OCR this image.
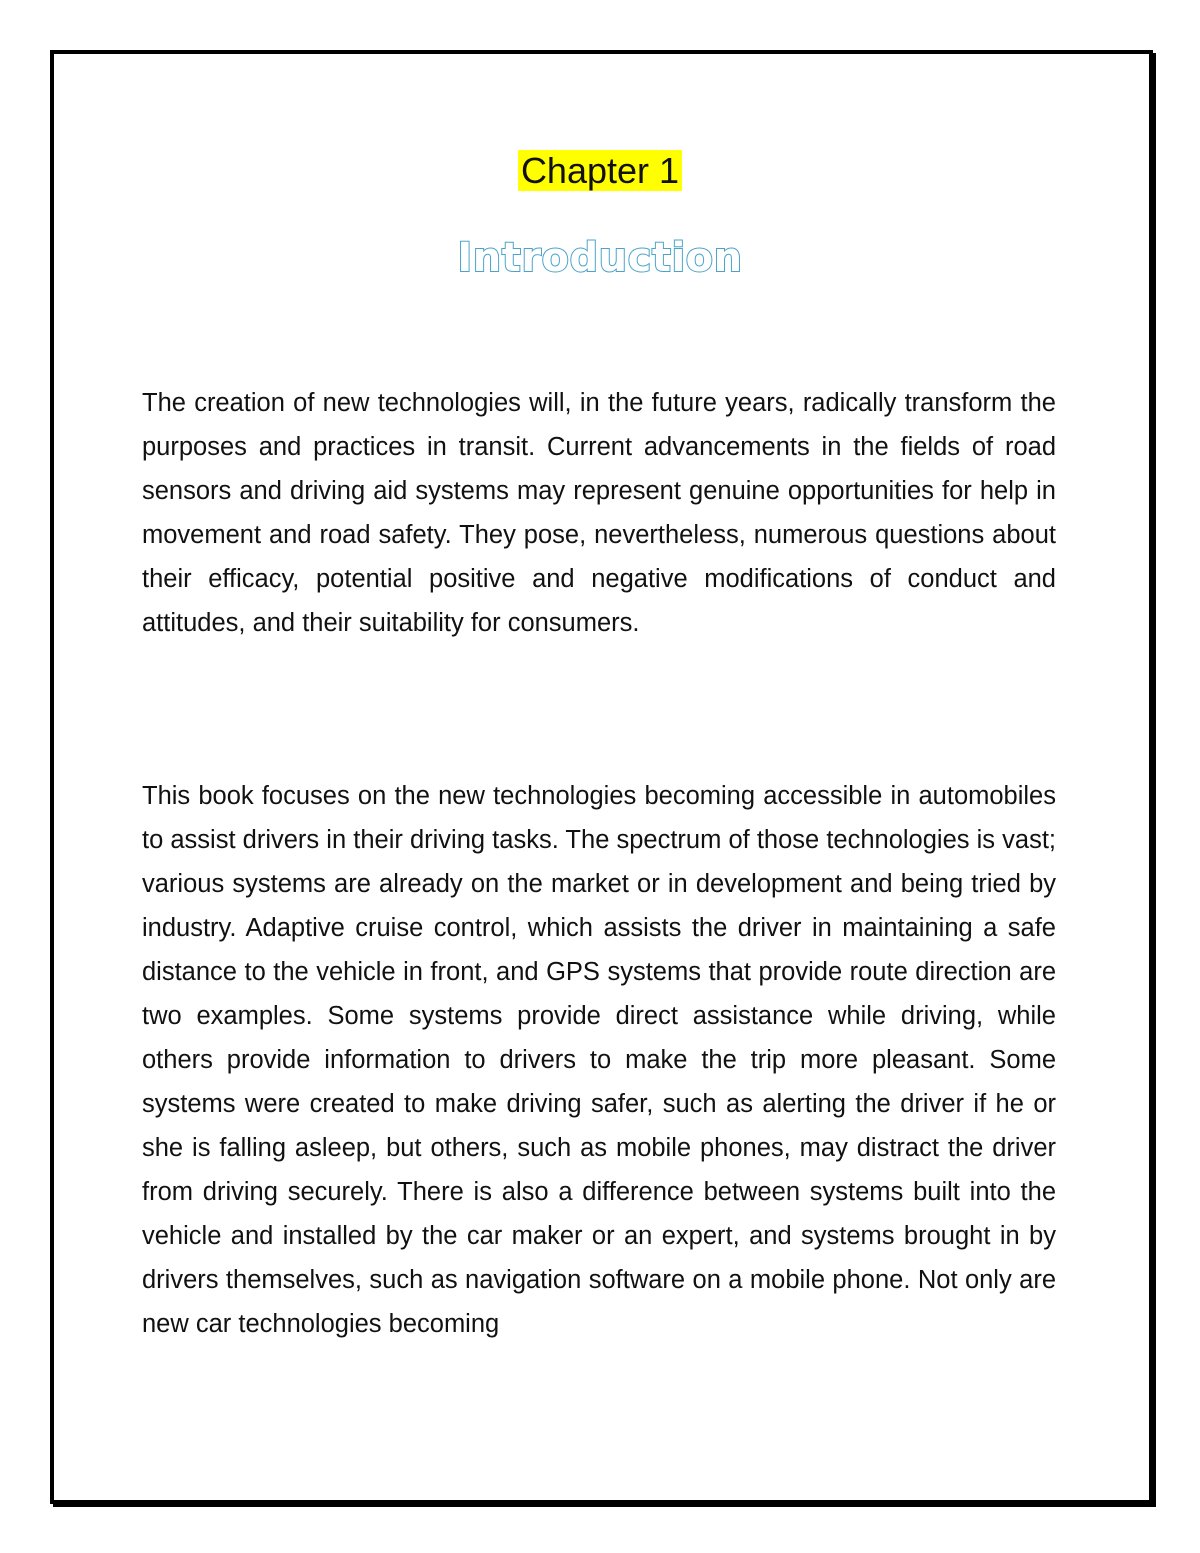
Chapter 1
Introduction

The creation of new technologies will, in the future years, radically transform the purposes and practices in transit. Current advancements in the fields of road sensors and driving aid systems may represent genuine opportunities for help in movement and road safety. They pose, nevertheless, numerous questions about their efficacy, potential positive and negative modifications of conduct and attitudes, and their suitability for consumers.

This book focuses on the new technologies becoming accessible in automobiles to assist drivers in their driving tasks. The spectrum of those technologies is vast; various systems are already on the market or in development and being tried by industry. Adaptive cruise control, which assists the driver in maintaining a safe distance to the vehicle in front, and GPS systems that provide route direction are two examples. Some systems provide direct assistance while driving, while others provide information to drivers to make the trip more pleasant. Some systems were created to make driving safer, such as alerting the driver if he or she is falling asleep, but others, such as mobile phones, may distract the driver from driving securely. There is also a difference between systems built into the vehicle and installed by the car maker or an expert, and systems brought in by drivers themselves, such as navigation software on a mobile phone. Not only are new car technologies becoming
